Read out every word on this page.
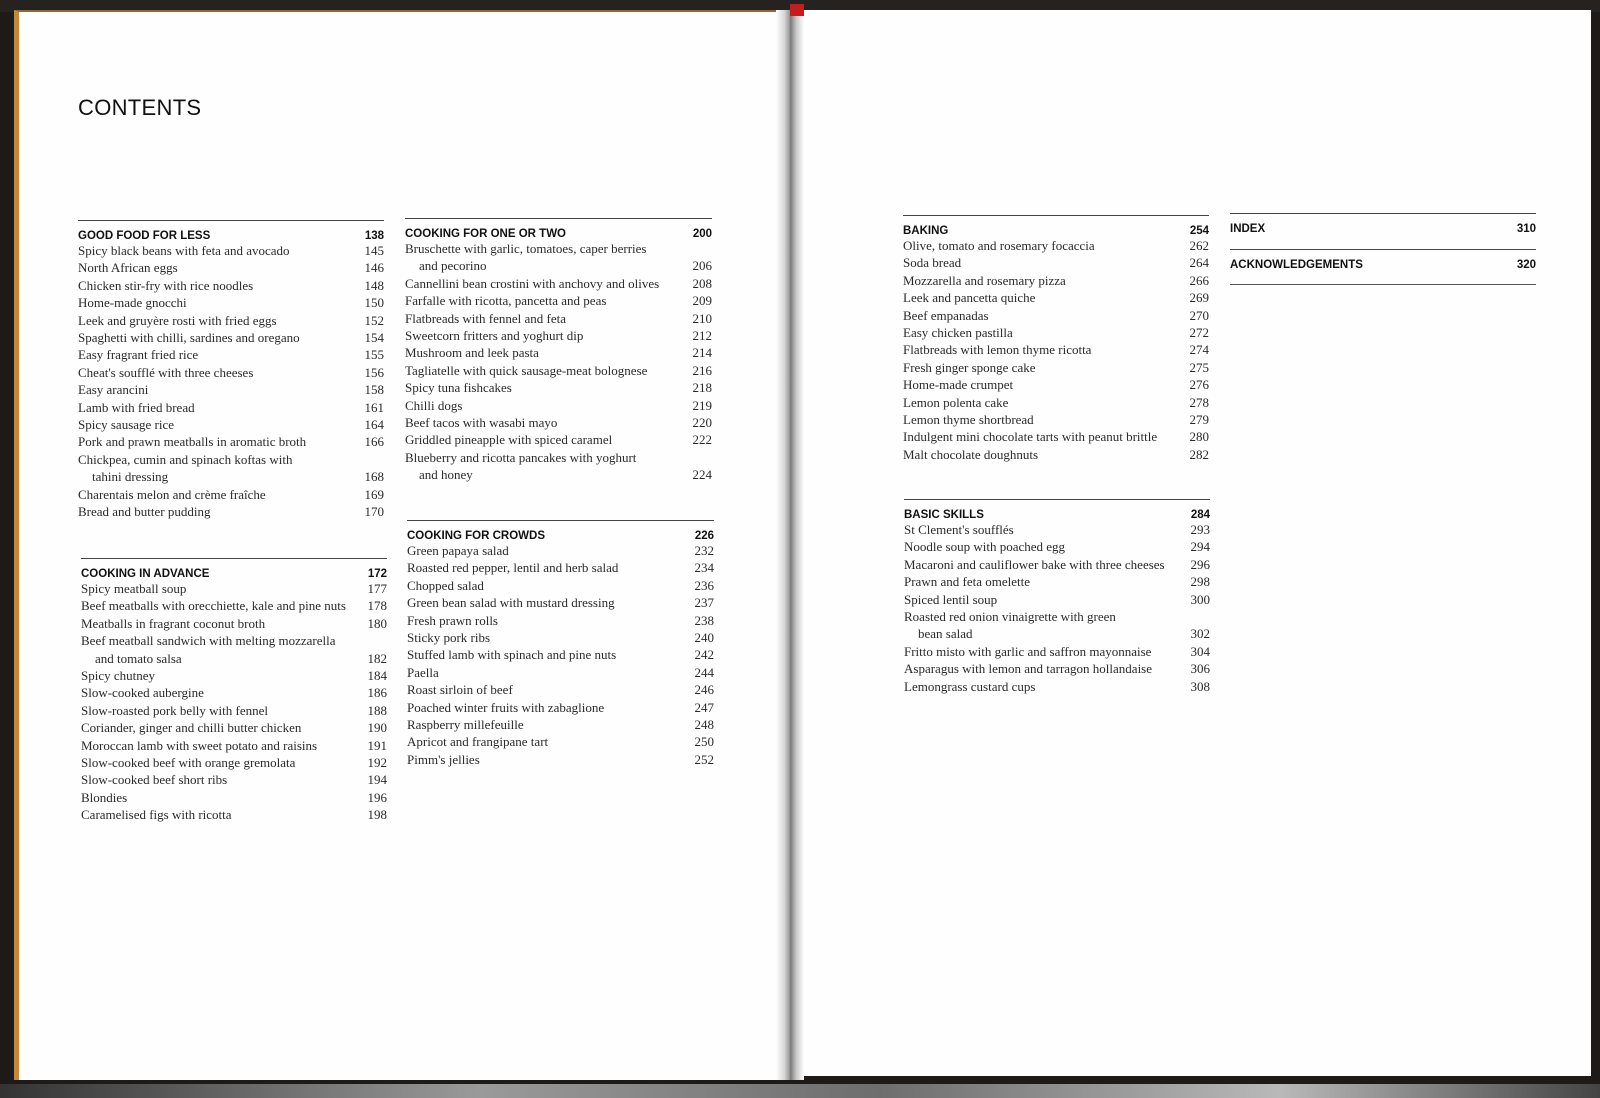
CONTENTS
GOOD FOOD FOR LESS	138
Spicy black beans with feta and avocado	145
North African eggs	146
Chicken stir-fry with rice noodles	148
Home-made gnocchi	150
Leek and gruyère rosti with fried eggs	152
Spaghetti with chilli, sardines and oregano	154
Easy fragrant fried rice	155
Cheat's soufflé with three cheeses	156
Easy arancini	158
Lamb with fried bread	161
Spicy sausage rice	164
Pork and prawn meatballs in aromatic broth	166
Chickpea, cumin and spinach koftas with
tahini dressing	168
Charentais melon and crème fraîche	169
Bread and butter pudding	170
COOKING IN ADVANCE	172
Spicy meatball soup	177
Beef meatballs with orecchiette, kale and pine nuts	178
Meatballs in fragrant coconut broth	180
Beef meatball sandwich with melting mozzarella
and tomato salsa	182
Spicy chutney	184
Slow-cooked aubergine	186
Slow-roasted pork belly with fennel	188
Coriander, ginger and chilli butter chicken	190
Moroccan lamb with sweet potato and raisins	191
Slow-cooked beef with orange gremolata	192
Slow-cooked beef short ribs	194
Blondies	196
Caramelised figs with ricotta	198
COOKING FOR ONE OR TWO	200
Bruschette with garlic, tomatoes, caper berries
and pecorino	206
Cannellini bean crostini with anchovy and olives	208
Farfalle with ricotta, pancetta and peas	209
Flatbreads with fennel and feta	210
Sweetcorn fritters and yoghurt dip	212
Mushroom and leek pasta	214
Tagliatelle with quick sausage-meat bolognese	216
Spicy tuna fishcakes	218
Chilli dogs	219
Beef tacos with wasabi mayo	220
Griddled pineapple with spiced caramel	222
Blueberry and ricotta pancakes with yoghurt
and honey	224
COOKING FOR CROWDS	226
Green papaya salad	232
Roasted red pepper, lentil and herb salad	234
Chopped salad	236
Green bean salad with mustard dressing	237
Fresh prawn rolls	238
Sticky pork ribs	240
Stuffed lamb with spinach and pine nuts	242
Paella	244
Roast sirloin of beef	246
Poached winter fruits with zabaglione	247
Raspberry millefeuille	248
Apricot and frangipane tart	250
Pimm's jellies	252
BAKING	254
Olive, tomato and rosemary focaccia	262
Soda bread	264
Mozzarella and rosemary pizza	266
Leek and pancetta quiche	269
Beef empanadas	270
Easy chicken pastilla	272
Flatbreads with lemon thyme ricotta	274
Fresh ginger sponge cake	275
Home-made crumpet	276
Lemon polenta cake	278
Lemon thyme shortbread	279
Indulgent mini chocolate tarts with peanut brittle	280
Malt chocolate doughnuts	282
BASIC SKILLS	284
St Clement's soufflés	293
Noodle soup with poached egg	294
Macaroni and cauliflower bake with three cheeses	296
Prawn and feta omelette	298
Spiced lentil soup	300
Roasted red onion vinaigrette with green
bean salad	302
Fritto misto with garlic and saffron mayonnaise	304
Asparagus with lemon and tarragon hollandaise	306
Lemongrass custard cups	308
INDEX	310
ACKNOWLEDGEMENTS	320
